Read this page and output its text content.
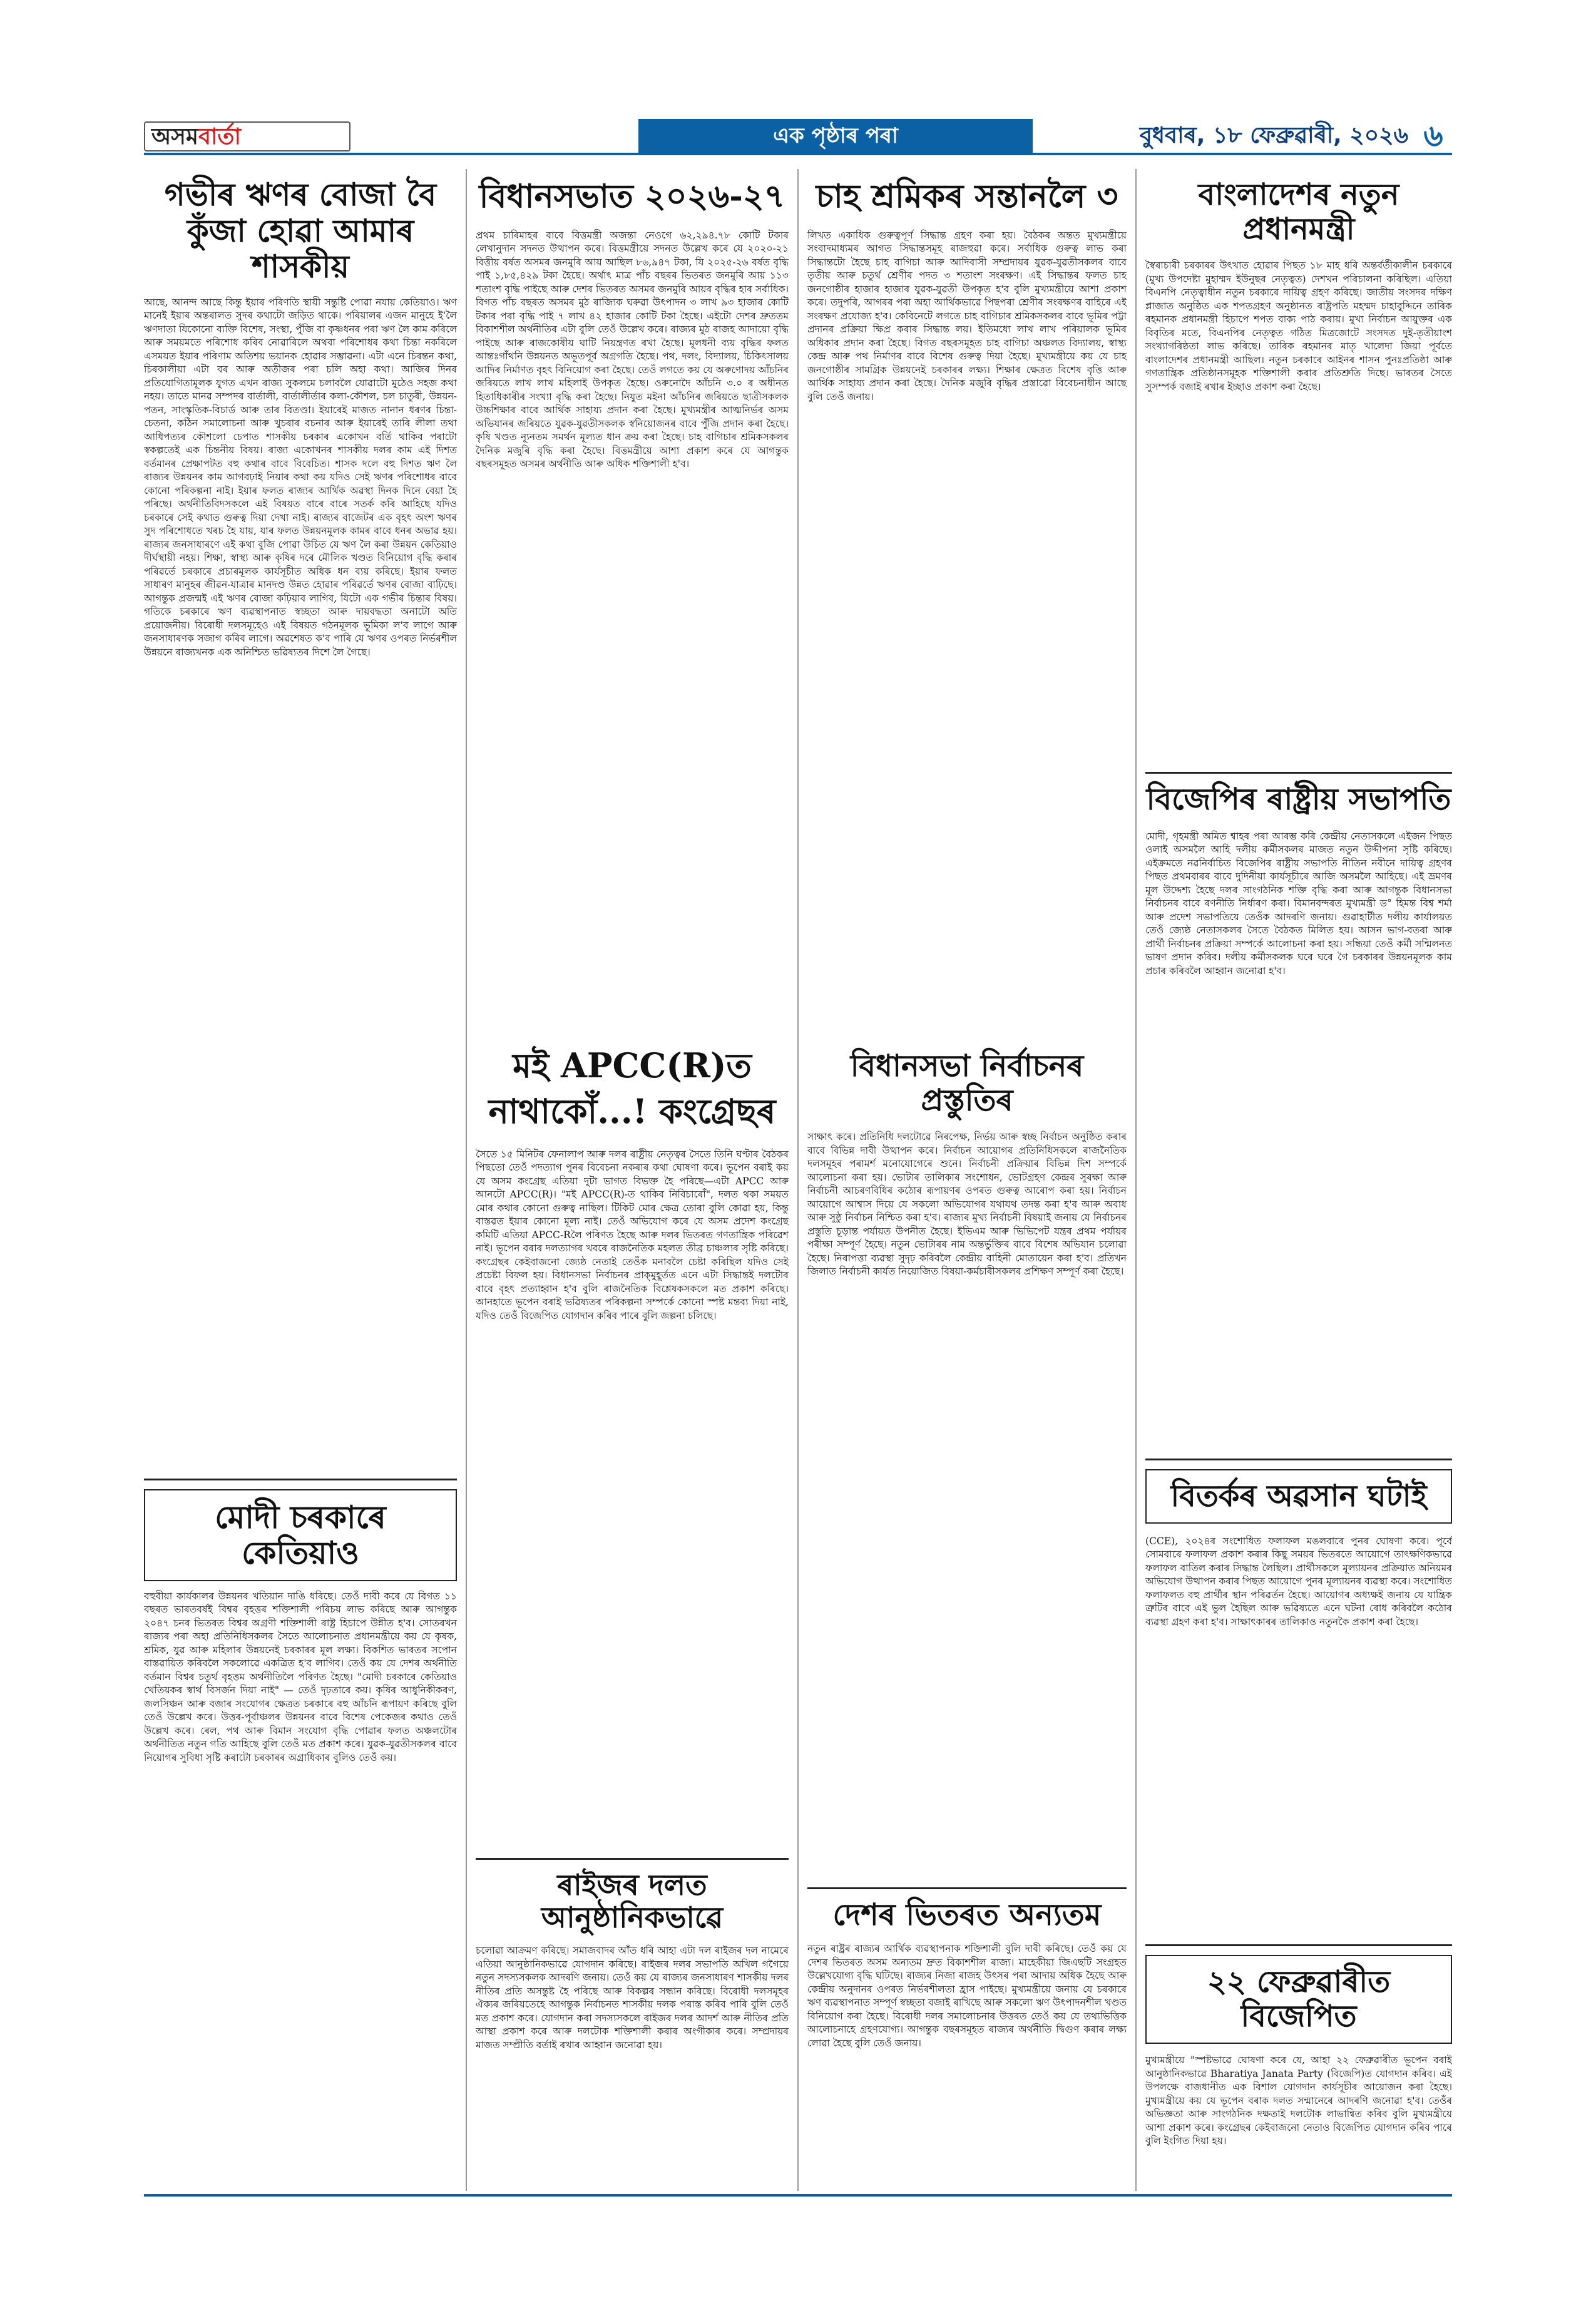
অসমবাৰ্তা	এক পৃষ্ঠাৰ পৰা	বুধবাৰ, ১৮ ফেব্ৰুৱাৰী, ২০২৬ ৬
গভীৰ ঋণৰ বোজা বৈ কুঁজা হোৱা আমাৰ শাসকীয়
আছে, আনন্দ আছে কিন্তু ইয়াৰ পৰিণতি স্থায়ী সন্তুষ্টি পোৱা নযায় কেতিয়াও। ঋণ মানেই ইয়াৰ অন্তৰালত সুদৰ কথাটো জড়িত থাকে। পৰিয়ালৰ এজন মানুহে ই'লৈ ঋণদাতা যিকোনো ব্যক্তি বিশেষ, সংস্থা, পুঁজি বা কৃষ্ণধনৰ পৰা ঋণ লৈ কাম কৰিলে আৰু সময়মতে পৰিশোধ কৰিব নোৱাৰিলে অথবা পৰিশোধৰ কথা চিন্তা নকৰিলে এসময়ত ইয়াৰ পৰিণাম অতিশয় ভয়ানক হোৱাৰ সম্ভাৱনা। এটা এনে চিৰন্তন কথা, চিৰকালীয়া এটা বৰ আৰু অতীজৰ পৰা চলি অহা কথা। আজিৰ দিনৰ প্ৰতিযোগিতামূলক যুগত এখন ৰাজ্য সুকলমে চলাবলৈ যোৱাটো মুঠেও সহজ কথা নহয়। তাতে মানৱ সম্পদৰ বাৰ্তালী, বাৰ্তালীৰ্তাৰ কলা-কৌশল, চল চাতুৰী, উন্নয়ন-পতন, সাংস্কৃতিক-বিচাৰ্ড আৰু তাৰ বিতণ্ডা। ইয়াৰেই মাজত নানান ধৰণৰ চিন্তা-চেতনা, কঠিন সমালোচনা আৰু খুচৰাৰ বচনাৰ আৰু ইয়াৰেই তাৰি লীলা তথা আধিপত্যৰ কৌশলো চেপাত শাসকীয় চৰকাৰ একোখন বৰ্তি থাকিব পৰাটো স্বকল্পতেই এক চিন্তনীয় বিষয়। ৰাজ্য একোখনৰ শাসকীয় দলৰ কাম এই দিশত বৰ্তমানৰ প্ৰেক্ষাপটত বহু কথাৰ বাবে বিবেচিত। শাসক দলে বহু দিশত ঋণ লৈ ৰাজ্যৰ উন্নয়নৰ কাম আগবঢ়াই নিয়াৰ কথা কয় যদিও সেই ঋণৰ পৰিশোধৰ বাবে কোনো পৰিকল্পনা নাই। ইয়াৰ ফলত ৰাজ্যৰ আৰ্থিক অৱস্থা দিনক দিনে বেয়া হৈ পৰিছে। অৰ্থনীতিবিদসকলে এই বিষয়ত বাৰে বাৰে সতৰ্ক কৰি আহিছে যদিও চৰকাৰে সেই কথাত গুৰুত্ব দিয়া দেখা নাই। ৰাজ্যৰ বাজেটৰ এক বৃহৎ অংশ ঋণৰ সুদ পৰিশোধতে খৰচ হৈ যায়, যাৰ ফলত উন্নয়নমূলক কামৰ বাবে ধনৰ অভাৱ হয়। ৰাজ্যৰ জনসাধাৰণে এই কথা বুজি পোৱা উচিত যে ঋণ লৈ কৰা উন্নয়ন কেতিয়াও দীৰ্ঘস্থায়ী নহয়। শিক্ষা, স্বাস্থ্য আৰু কৃষিৰ দৰে মৌলিক খণ্ডত বিনিয়োগ বৃদ্ধি কৰাৰ পৰিৱৰ্তে চৰকাৰে প্ৰচাৰমূলক কাৰ্যসূচীত অধিক ধন ব্যয় কৰিছে। ইয়াৰ ফলত সাধাৰণ মানুহৰ জীৱন-যাত্ৰাৰ মানদণ্ড উন্নত হোৱাৰ পৰিৱৰ্তে ঋণৰ বোজা বাঢ়িছে। আগন্তুক প্ৰজন্মই এই ঋণৰ বোজা কঢ়িয়াব লাগিব, যিটো এক গভীৰ চিন্তাৰ বিষয়। গতিকে চৰকাৰে ঋণ ব্যৱস্থাপনাত স্বচ্ছতা আৰু দায়বদ্ধতা অনাটো অতি প্ৰয়োজনীয়। বিৰোধী দলসমূহেও এই বিষয়ত গঠনমূলক ভূমিকা ল'ব লাগে আৰু জনসাধাৰণক সজাগ কৰিব লাগে। অৱশেষত ক'ব পাৰি যে ঋণৰ ওপৰত নিৰ্ভৰশীল উন্নয়নে ৰাজ্যখনক এক অনিশ্চিত ভৱিষ্যতৰ দিশে লৈ গৈছে।
মোদী চৰকাৰে কেতিয়াও
বহুবীয়া কাৰ্যকালৰ উন্নয়নৰ খতিয়ান দাঙি ধৰিছে। তেওঁ দাবী কৰে যে বিগত ১১ বছৰত ভাৰতবৰ্ষই বিশ্বৰ বৃহত্তৰ শক্তিশালী পৰিচয় লাভ কৰিছে আৰু আগন্তুক ২০৪৭ চনৰ ভিতৰত বিশ্বৰ অগ্ৰণী শক্তিশালী ৰাষ্ট্ৰ হিচাপে উন্নীত হ'ব। সোতৰখন ৰাজ্যৰ পৰা অহা প্ৰতিনিধিসকলৰ সৈতে আলোচনাত প্ৰধানমন্ত্ৰীয়ে কয় যে কৃষক, শ্ৰমিক, যুৱ আৰু মহিলাৰ উন্নয়নেই চৰকাৰৰ মূল লক্ষ্য। বিকশিত ভাৰতৰ সপোন বাস্তৱায়িত কৰিবলৈ সকলোৱে একত্ৰিত হ'ব লাগিব। তেওঁ কয় যে দেশৰ অৰ্থনীতি বৰ্তমান বিশ্বৰ চতুৰ্থ বৃহত্তম অৰ্থনীতিলৈ পৰিণত হৈছে। "মোদী চৰকাৰে কেতিয়াও খেতিয়কৰ স্বাৰ্থ বিসৰ্জন দিয়া নাই" — তেওঁ দৃঢ়তাৰে কয়। কৃষিৰ আধুনিকীকৰণ, জলসিঞ্চন আৰু বজাৰ সংযোগৰ ক্ষেত্ৰত চৰকাৰে বহু আঁচনি ৰূপায়ণ কৰিছে বুলি তেওঁ উল্লেখ কৰে। উত্তৰ-পূৰ্বাঞ্চলৰ উন্নয়নৰ বাবে বিশেষ পেকেজৰ কথাও তেওঁ উল্লেখ কৰে। ৰেল, পথ আৰু বিমান সংযোগ বৃদ্ধি পোৱাৰ ফলত অঞ্চলটোৰ অৰ্থনীতিত নতুন গতি আহিছে বুলি তেওঁ মত প্ৰকাশ কৰে। যুৱক-যুৱতীসকলৰ বাবে নিয়োগৰ সুবিধা সৃষ্টি কৰাটো চৰকাৰৰ অগ্ৰাধিকাৰ বুলিও তেওঁ কয়।
বিধানসভাত ২০২৬-২৭
প্ৰথম চাৰিমাহৰ বাবে বিত্তমন্ত্ৰী অজন্তা নেওগে ৬২,২৯৪.৭৮ কোটি টকাৰ লেখানুদান সদনত উত্থাপন কৰে। বিত্তমন্ত্ৰীয়ে সদনত উল্লেখ কৰে যে ২০২০-২১ বিত্তীয় বৰ্ষত অসমৰ জনমুৰি আয় আছিল ৮৬,৯৪৭ টকা, যি ২০২৫-২৬ বৰ্ষত বৃদ্ধি পাই ১,৮৫,৪২৯ টকা হৈছে। অৰ্থাৎ মাত্ৰ পাঁচ বছৰৰ ভিতৰত জনমুৰি আয় ১১৩ শতাংশ বৃদ্ধি পাইছে আৰু দেশৰ ভিতৰত অসমৰ জনমুৰি আয়ৰ বৃদ্ধিৰ হাৰ সৰ্বাধিক। বিগত পাঁচ বছৰত অসমৰ মুঠ ৰাজ্যিক ঘৰুৱা উৎপাদন ৩ লাখ ৯৩ হাজাৰ কোটি টকাৰ পৰা বৃদ্ধি পাই ৭ লাখ ৪২ হাজাৰ কোটি টকা হৈছে। এইটো দেশৰ দ্ৰুততম বিকাশশীল অৰ্থনীতিৰ এটা বুলি তেওঁ উল্লেখ কৰে। ৰাজ্যৰ মুঠ ৰাজহ আদায়ো বৃদ্ধি পাইছে আৰু ৰাজকোষীয় ঘাটি নিয়ন্ত্ৰণত ৰখা হৈছে। মূলধনী ব্যয় বৃদ্ধিৰ ফলত আন্তঃগাঁথনি উন্নয়নত অভূতপূৰ্ব অগ্ৰগতি হৈছে। পথ, দলং, বিদ্যালয়, চিকিৎসালয় আদিৰ নিৰ্মাণত বৃহৎ বিনিয়োগ কৰা হৈছে। তেওঁ লগতে কয় যে অৰুণোদয় আঁচনিৰ জৰিয়তে লাখ লাখ মহিলাই উপকৃত হৈছে। ওৰুনোদৈ আঁচনি ৩.০ ৰ অধীনত হিতাধিকাৰীৰ সংখ্যা বৃদ্ধি কৰা হৈছে। নিযুত মইনা আঁচনিৰ জৰিয়তে ছাত্ৰীসকলক উচ্চশিক্ষাৰ বাবে আৰ্থিক সাহায্য প্ৰদান কৰা হৈছে। মুখ্যমন্ত্ৰীৰ আত্মনিৰ্ভৰ অসম অভিযানৰ জৰিয়তে যুৱক-যুৱতীসকলক স্বনিয়োজনৰ বাবে পুঁজি প্ৰদান কৰা হৈছে। কৃষি খণ্ডত ন্যূনতম সমৰ্থন মূল্যত ধান ক্ৰয় কৰা হৈছে। চাহ বাগিচাৰ শ্ৰমিকসকলৰ দৈনিক মজুৰি বৃদ্ধি কৰা হৈছে। বিত্তমন্ত্ৰীয়ে আশা প্ৰকাশ কৰে যে আগন্তুক বছৰসমূহত অসমৰ অৰ্থনীতি আৰু অধিক শক্তিশালী হ'ব।
মই APCC(R)ত নাথাকোঁ...! কংগ্ৰেছৰ
সৈতে ১৫ মিনিটৰ ফেনালাপ আৰু দলৰ ৰাষ্ট্ৰীয় নেতৃত্বৰ সৈতে তিনি ঘণ্টাৰ বৈঠকৰ পিছতো তেওঁ পদত্যাগ পুনৰ বিবেচনা নকৰাৰ কথা ঘোষণা কৰে। ভূপেন বৰাই কয় যে অসম কংগ্ৰেছ এতিয়া দুটা ভাগত বিভক্ত হৈ পৰিছে—এটা APCC আৰু আনটো APCC(R)। "মই APCC(R)-ত থাকিব নিবিচাৰোঁ", দলত থকা সময়ত মোৰ কথাৰ কোনো গুৰুত্ব নাছিল। টিকিট মোৰ ক্ষেত্ৰ তোৰা বুলি কোৱা হয়, কিন্তু বাস্তৱত ইয়াৰ কোনো মূল্য নাই। তেওঁ অভিযোগ কৰে যে অসম প্ৰদেশ কংগ্ৰেছ কমিটি এতিয়া APCC-Rলৈ পৰিণত হৈছে আৰু দলৰ ভিতৰত গণতান্ত্ৰিক পৰিৱেশ নাই। ভূপেন বৰাৰ দলত্যাগৰ খবৰে ৰাজনৈতিক মহলত তীব্ৰ চাঞ্চল্যৰ সৃষ্টি কৰিছে। কংগ্ৰেছৰ কেইবাজনো জ্যেষ্ঠ নেতাই তেওঁক মনাবলৈ চেষ্টা কৰিছিল যদিও সেই প্ৰচেষ্টা বিফল হয়। বিধানসভা নিৰ্বাচনৰ প্ৰাক্‌মুহূৰ্তত এনে এটা সিদ্ধান্তই দলটোৰ বাবে বৃহৎ প্ৰত্যাহ্বান হ'ব বুলি ৰাজনৈতিক বিশ্লেষকসকলে মত প্ৰকাশ কৰিছে। আনহাতে ভূপেন বৰাই ভৱিষ্যতৰ পৰিকল্পনা সম্পৰ্কে কোনো স্পষ্ট মন্তব্য দিয়া নাই, যদিও তেওঁ বিজেপিত যোগদান কৰিব পাৰে বুলি জল্পনা চলিছে।
ৰাইজৰ দলত আনুষ্ঠানিকভাৱে
চলোৱা আক্ৰমণ কৰিছে। সমাজবাদৰ আঁত ধৰি আহা এটা দল ৰাইজৰ দল নামেৰে এতিয়া আনুষ্ঠানিকভাৱে যোগদান কৰিছে। ৰাইজৰ দলৰ সভাপতি অখিল গগৈয়ে নতুন সদস্যসকলক আদৰণি জনায়। তেওঁ কয় যে ৰাজ্যৰ জনসাধাৰণ শাসকীয় দলৰ নীতিৰ প্ৰতি অসন্তুষ্ট হৈ পৰিছে আৰু বিকল্পৰ সন্ধান কৰিছে। বিৰোধী দলসমূহৰ ঐক্যৰ জৰিয়তেহে আগন্তুক নিৰ্বাচনত শাসকীয় দলক পৰাস্ত কৰিব পাৰি বুলি তেওঁ মত প্ৰকাশ কৰে। যোগদান কৰা সদস্যসকলে ৰাইজৰ দলৰ আদৰ্শ আৰু নীতিৰ প্ৰতি আস্থা প্ৰকাশ কৰে আৰু দলটোক শক্তিশালী কৰাৰ অংগীকাৰ কৰে। সম্প্ৰদায়ৰ মাজত সম্প্ৰীতি বৰ্তাই ৰখাৰ আহ্বান জনোৱা হয়।
চাহ শ্ৰমিকৰ সন্তানলৈ ৩
লিখত একাধিক গুৰুত্বপূৰ্ণ সিদ্ধান্ত গ্ৰহণ কৰা হয়। বৈঠকৰ অন্তত মুখ্যমন্ত্ৰীয়ে সংবাদমাধ্যমৰ আগত সিদ্ধান্তসমূহ ৰাজহুৱা কৰে। সৰ্বাধিক গুৰুত্ব লাভ কৰা সিদ্ধান্তটো হৈছে চাহ বাগিচা আৰু আদিবাসী সম্প্ৰদায়ৰ যুৱক-যুৱতীসকলৰ বাবে তৃতীয় আৰু চতুৰ্থ শ্ৰেণীৰ পদত ৩ শতাংশ সংৰক্ষণ। এই সিদ্ধান্তৰ ফলত চাহ জনগোষ্ঠীৰ হাজাৰ হাজাৰ যুৱক-যুৱতী উপকৃত হ'ব বুলি মুখ্যমন্ত্ৰীয়ে আশা প্ৰকাশ কৰে। তদুপৰি, আগৰৰ পৰা অহা আৰ্থিকভাৱে পিছপৰা শ্ৰেণীৰ সংৰক্ষণৰ বাহিৰে এই সংৰক্ষণ প্ৰযোজ্য হ'ব। কেবিনেটে লগতে চাহ বাগিচাৰ শ্ৰমিকসকলৰ বাবে ভূমিৰ পট্টা প্ৰদানৰ প্ৰক্ৰিয়া ক্ষিপ্ৰ কৰাৰ সিদ্ধান্ত লয়। ইতিমধ্যে লাখ লাখ পৰিয়ালক ভূমিৰ অধিকাৰ প্ৰদান কৰা হৈছে। বিগত বছৰসমূহত চাহ বাগিচা অঞ্চলত বিদ্যালয়, স্বাস্থ্য কেন্দ্ৰ আৰু পথ নিৰ্মাণৰ বাবে বিশেষ গুৰুত্ব দিয়া হৈছে। মুখ্যমন্ত্ৰীয়ে কয় যে চাহ জনগোষ্ঠীৰ সামগ্ৰিক উন্নয়নেই চৰকাৰৰ লক্ষ্য। শিক্ষাৰ ক্ষেত্ৰত বিশেষ বৃত্তি আৰু আৰ্থিক সাহায্য প্ৰদান কৰা হৈছে। দৈনিক মজুৰি বৃদ্ধিৰ প্ৰস্তাৱো বিবেচনাধীন আছে বুলি তেওঁ জনায়।
বিধানসভা নিৰ্বাচনৰ প্ৰস্তুতিৰ
সাক্ষাৎ কৰে। প্ৰতিনিধি দলটোৱে নিৰপেক্ষ, নিৰ্ভয় আৰু স্বচ্ছ নিৰ্বাচন অনুষ্ঠিত কৰাৰ বাবে বিভিন্ন দাবী উত্থাপন কৰে। নিৰ্বাচন আয়োগৰ প্ৰতিনিধিসকলে ৰাজনৈতিক দলসমূহৰ পৰামৰ্শ মনোযোগেৰে শুনে। নিৰ্বাচনী প্ৰক্ৰিয়াৰ বিভিন্ন দিশ সম্পৰ্কে আলোচনা কৰা হয়। ভোটাৰ তালিকাৰ সংশোধন, ভোটগ্ৰহণ কেন্দ্ৰৰ সুৰক্ষা আৰু নিৰ্বাচনী আচৰণবিধিৰ কঠোৰ ৰূপায়ণৰ ওপৰত গুৰুত্ব আৰোপ কৰা হয়। নিৰ্বাচন আয়োগে আশ্বাস দিয়ে যে সকলো অভিযোগৰ যথাযথ তদন্ত কৰা হ'ব আৰু অবাধ আৰু সুষ্ঠু নিৰ্বাচন নিশ্চিত কৰা হ'ব। ৰাজ্যৰ মুখ্য নিৰ্বাচনী বিষয়াই জনায় যে নিৰ্বাচনৰ প্ৰস্তুতি চূড়ান্ত পৰ্যায়ত উপনীত হৈছে। ইভিএম আৰু ভিভিপেট যন্ত্ৰৰ প্ৰথম পৰ্যায়ৰ পৰীক্ষা সম্পূৰ্ণ হৈছে। নতুন ভোটাৰৰ নাম অন্তৰ্ভুক্তিৰ বাবে বিশেষ অভিযান চলোৱা হৈছে। নিৰাপত্তা ব্যৱস্থা সুদৃঢ় কৰিবলৈ কেন্দ্ৰীয় বাহিনী মোতায়েন কৰা হ'ব। প্ৰতিখন জিলাত নিৰ্বাচনী কাৰ্যত নিয়োজিত বিষয়া-কৰ্মচাৰীসকলৰ প্ৰশিক্ষণ সম্পূৰ্ণ কৰা হৈছে।
দেশৰ ভিতৰত অন্যতম
নতুন ৰাষ্ট্ৰৰ ৰাজ্যৰ আৰ্থিক ব্যৱস্থাপনাক শক্তিশালী বুলি দাবী কৰিছে। তেওঁ কয় যে দেশৰ ভিতৰত অসম অন্যতম দ্ৰুত বিকাশশীল ৰাজ্য। মাহেকীয়া জিএছটি সংগ্ৰহত উল্লেখযোগ্য বৃদ্ধি ঘটিছে। ৰাজ্যৰ নিজা ৰাজহ উৎসৰ পৰা আদায় অধিক হৈছে আৰু কেন্দ্ৰীয় অনুদানৰ ওপৰত নিৰ্ভৰশীলতা হ্ৰাস পাইছে। মুখ্যমন্ত্ৰীয়ে জনায় যে চৰকাৰে ঋণ ব্যৱস্থাপনাত সম্পূৰ্ণ স্বচ্ছতা বজাই ৰাখিছে আৰু সকলো ঋণ উৎপাদনশীল খণ্ডত বিনিয়োগ কৰা হৈছে। বিৰোধী দলৰ সমালোচনাৰ উত্তৰত তেওঁ কয় যে তথ্যভিত্তিক আলোচনাহে গ্ৰহণযোগ্য। আগন্তুক বছৰসমূহত ৰাজ্যৰ অৰ্থনীতি দ্বিগুণ কৰাৰ লক্ষ্য লোৱা হৈছে বুলি তেওঁ জনায়।
বাংলাদেশৰ নতুন প্ৰধানমন্ত্ৰী
স্বৈৰাচাৰী চৰকাৰৰ উৎখাত হোৱাৰ পিছত ১৮ মাহ ধৰি অন্তৰ্বৰ্তীকালীন চৰকাৰে (মুখ্য উপদেষ্টা মুহাম্মদ ইউনুছৰ নেতৃত্বত) দেশখন পৰিচালনা কৰিছিল। এতিয়া বিএনপি নেতৃত্বাধীন নতুন চৰকাৰে দায়িত্ব গ্ৰহণ কৰিছে। জাতীয় সংসদৰ দক্ষিণ প্লাজাত অনুষ্ঠিত এক শপতগ্ৰহণ অনুষ্ঠানত ৰাষ্ট্ৰপতি মহম্মদ চাহাবুদ্দিনে তাৰিক ৰহমানক প্ৰধানমন্ত্ৰী হিচাপে শপত বাক্য পাঠ কৰায়। মুখ্য নিৰ্বাচন আয়ুক্তৰ এক বিবৃতিৰ মতে, বিএনপিৰ নেতৃত্বত গঠিত মিত্ৰজোটে সংসদত দুই-তৃতীয়াংশ সংখ্যাগৰিষ্ঠতা লাভ কৰিছে। তাৰিক ৰহমানৰ মাতৃ খালেদা জিয়া পূৰ্বতে বাংলাদেশৰ প্ৰধানমন্ত্ৰী আছিল। নতুন চৰকাৰে আইনৰ শাসন পুনঃপ্ৰতিষ্ঠা আৰু গণতান্ত্ৰিক প্ৰতিষ্ঠানসমূহক শক্তিশালী কৰাৰ প্ৰতিশ্ৰুতি দিছে। ভাৰতৰ সৈতে সুসম্পৰ্ক বজাই ৰখাৰ ইচ্ছাও প্ৰকাশ কৰা হৈছে।
বিজেপিৰ ৰাষ্ট্ৰীয় সভাপতি
মোদী, গৃহমন্ত্ৰী অমিত শ্বাহৰ পৰা আৰম্ভ কৰি কেন্দ্ৰীয় নেতাসকলে এইজন পিছত ওলাই অসমলৈ আহি দলীয় কৰ্মীসকলৰ মাজত নতুন উদ্দীপনা সৃষ্টি কৰিছে। এইক্ৰমতে নৱনিৰ্বাচিত বিজেপিৰ ৰাষ্ট্ৰীয় সভাপতি নীতিন নবীনে দায়িত্ব গ্ৰহণৰ পিছত প্ৰথমবাৰৰ বাবে দুদিনীয়া কাৰ্যসূচীৰে আজি অসমলৈ আহিছে। এই ভ্ৰমণৰ মূল উদ্দেশ্য হৈছে দলৰ সাংগঠনিক শক্তি বৃদ্ধি কৰা আৰু আগন্তুক বিধানসভা নিৰ্বাচনৰ বাবে ৰণনীতি নিৰ্ধাৰণ কৰা। বিমানবন্দৰত মুখ্যমন্ত্ৰী ড° হিমন্ত বিশ্ব শৰ্মা আৰু প্ৰদেশ সভাপতিয়ে তেওঁক আদৰণি জনায়। গুৱাহাটীত দলীয় কাৰ্যালয়ত তেওঁ জ্যেষ্ঠ নেতাসকলৰ সৈতে বৈঠকত মিলিত হয়। আসন ভাগ-বতৰা আৰু প্ৰাৰ্থী নিৰ্বাচনৰ প্ৰক্ৰিয়া সম্পৰ্কে আলোচনা কৰা হয়। সন্ধিয়া তেওঁ কৰ্মী সন্মিলনত ভাষণ প্ৰদান কৰিব। দলীয় কৰ্মীসকলক ঘৰে ঘৰে গৈ চৰকাৰৰ উন্নয়নমূলক কাম প্ৰচাৰ কৰিবলৈ আহ্বান জনোৱা হ'ব।
বিতৰ্কৰ অৱসান ঘটাই
(CCE), ২০২৪ৰ সংশোধিত ফলাফল মঙলবাৰে পুনৰ ঘোষণা কৰে। পূৰ্বে সোমবাৰে ফলাফল প্ৰকাশ কৰাৰ কিছু সময়ৰ ভিতৰতে আয়োগে তাৎক্ষণিকভাৱে ফলাফল বাতিল কৰাৰ সিদ্ধান্ত লৈছিল। প্ৰাৰ্থীসকলে মূল্যায়নৰ প্ৰক্ৰিয়াত অনিয়মৰ অভিযোগ উত্থাপন কৰাৰ পিছত আয়োগে পুনৰ মূল্যায়নৰ ব্যৱস্থা কৰে। সংশোধিত ফলাফলত বহু প্ৰাৰ্থীৰ স্থান পৰিৱৰ্তন হৈছে। আয়োগৰ অধ্যক্ষই জনায় যে যান্ত্ৰিক ত্ৰুটিৰ বাবে এই ভুল হৈছিল আৰু ভৱিষ্যতে এনে ঘটনা ৰোধ কৰিবলৈ কঠোৰ ব্যৱস্থা গ্ৰহণ কৰা হ'ব। সাক্ষাৎকাৰৰ তালিকাও নতুনকৈ প্ৰকাশ কৰা হৈছে।
২২ ফেব্ৰুৱাৰীত বিজেপিত
মুখ্যমন্ত্ৰীয়ে "স্পষ্টভাৱে ঘোষণা কৰে যে, আহা ২২ ফেব্ৰুৱাৰীত ভূপেন বৰাই আনুষ্ঠানিকভাৱে Bharatiya Janata Party (বিজেপি)ত যোগদান কৰিব। এই উপলক্ষে বাজধানীত এক বিশাল যোগদান কাৰ্যসূচীৰ আয়োজন কৰা হৈছে। মুখ্যমন্ত্ৰীয়ে কয় যে ভূপেন বৰাক দলত সন্মানেৰে আদৰণি জনোৱা হ'ব। তেওঁৰ অভিজ্ঞতা আৰু সাংগঠনিক দক্ষতাই দলটোক লাভান্বিত কৰিব বুলি মুখ্যমন্ত্ৰীয়ে আশা প্ৰকাশ কৰে। কংগ্ৰেছৰ কেইবাজনো নেতাও বিজেপিত যোগদান কৰিব পাৰে বুলি ইংগিত দিয়া হয়।
